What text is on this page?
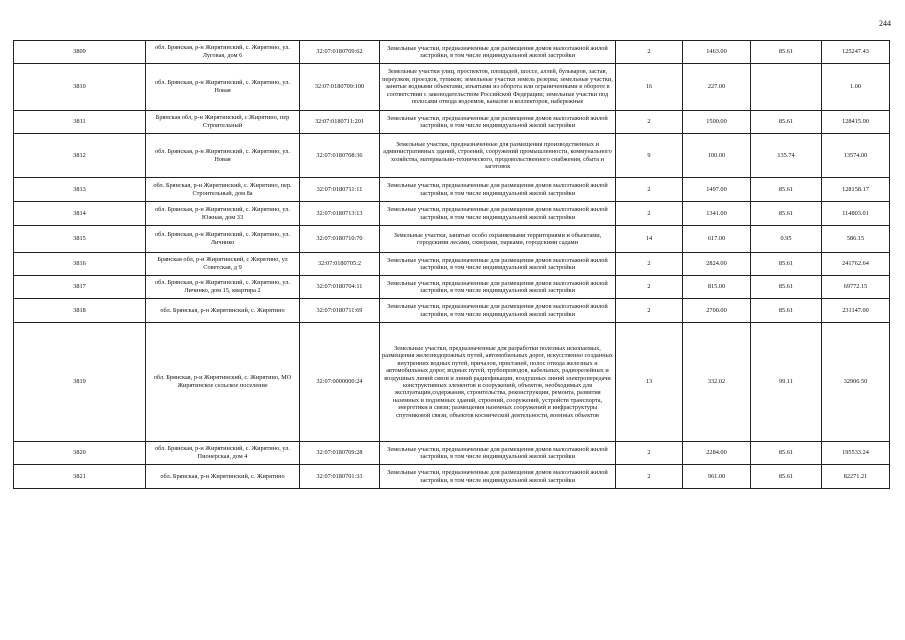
244
3809	обл. Брянская, р-н Жирятинский, с. Жирятино, ул. Луговая, дом 6	32:07:0180709:62	Земельные участки, предназначенные для размещения домов малоэтажной жилой застройки, в том числе индивидуальной жилой застройки	2	1463.00	85.61	125247.43
3810	обл. Брянская, р-н Жирятинский, с. Жирятино, ул. Новая	32:07:0180709:100	Земельные участки улиц, проспектов, площадей, шоссе, аллей, бульваров, застав, переулков, проездов, тупиков; земельные участки земель резерва; земельные участки, занятые водными объектами, изъятыми из оборота или ограниченными в обороте в соответствии с законодательством Российской Федерации; земельные участки под полосами отвода водоемов, каналов и коллекторов, набережные	16	227.00		1.00
3811	Брянская обл, р-н Жирятинский, с Жирятино, пер Строительный	32:07:0180711:201	Земельные участки, предназначенные для размещения домов малоэтажной жилой застройки, в том числе индивидуальной жилой застройки	2	1500.00	85.61	128415.00
3812	обл. Брянская, р-н Жирятинский, с. Жирятино, ул. Новая	32:07:0180708:36	Земельные участки, предназначенные для размещения производственных и административных зданий, строений, сооружений промышленности, коммунального хозяйства, материально-технического, продовольственного снабжения, сбыта и заготовок	9	100.00	135.74	13574.00
3813	обл. Брянская, р-н Жирятинский, с. Жирятино, пер. Строительный, дом 8а	32:07:0180711:11	Земельные участки, предназначенные для размещения домов малоэтажной жилой застройки, в том числе индивидуальной жилой застройки	2	1497.00	85.61	128158.17
3814	обл. Брянская, р-н Жирятинский, с. Жирятино, ул. Южная, дом 33	32:07:0180713:13	Земельные участки, предназначенные для размещения домов малоэтажной жилой застройки, в том числе индивидуальной жилой застройки	2	1341.00	85.61	114803.01
3815	обл. Брянская, р-н Жирятинский, с. Жирятино, ул. Личинко	32:07:0180710:70	Земельные участки, занятые особо охраняемыми территориями и объектами, городскими лесами, скверами, парками, городскими садами	14	617.00	0.95	586.15
3816	Брянская обл, р-н Жирятинский, с Жирятино, ул Советская, д 9	32:07:0180705:2	Земельные участки, предназначенные для размещения домов малоэтажной жилой застройки, в том числе индивидуальной жилой застройки	2	2824.00	85.61	241762.64
3817	обл. Брянская, р-н Жирятинский, с. Жирятино, ул. Личинко, дом 15, квартира 2	32:07:0180704:11	Земельные участки, предназначенные для размещения домов малоэтажной жилой застройки, в том числе индивидуальной жилой застройки	2	815.00	85.61	69772.15
3818	обл. Брянская, р-н Жирятинский, с. Жирятино	32:07:0180711:69	Земельные участки, предназначенные для размещения домов малоэтажной жилой застройки, в том числе индивидуальной жилой застройки	2	2700.00	85.61	231147.00
3819	обл. Брянская, р-н Жирятинский, с. Жирятино, МО Жирятинское сельское поселение	32:07:0000000:24	Земельные участки, предназначенные для разработки полезных ископаемых, размещения железнодорожных путей, автомобильных дорог, искусственно созданных внутренних водных путей, причалов, пристаней, полос отвода железных и автомобильных дорог, водных путей, трубопроводов, кабельных, радиорелейных и воздушных линий связи и линий радиофикации, воздушных линий электропередачи конструктивных элементов и сооружений, объектов, необходимых для эксплуатации,содержания, строительства, реконструкции, ремонта, развития наземных и подземных зданий, строений, сооружений, устройств транспорта, энергетики и связи; размещения наземных сооружений и инфраструктуры спутниковой связи, объектов космической деятельности, военных объектов	13	332.02	99.11	32906.50
3820	обл. Брянская, р-н Жирятинский, с. Жирятино, ул. Пионерская, дом 4	32:07:0180709:28	Земельные участки, предназначенные для размещения домов малоэтажной жилой застройки, в том числе индивидуальной жилой застройки	2	2284.00	85.61	195533.24
3821	обл. Брянская, р-н Жирятинский, с. Жирятино	32:07:0180701:33	Земельные участки, предназначенные для размещения домов малоэтажной жилой застройки, в том числе индивидуальной жилой застройки	2	961.00	85.61	82271.21
